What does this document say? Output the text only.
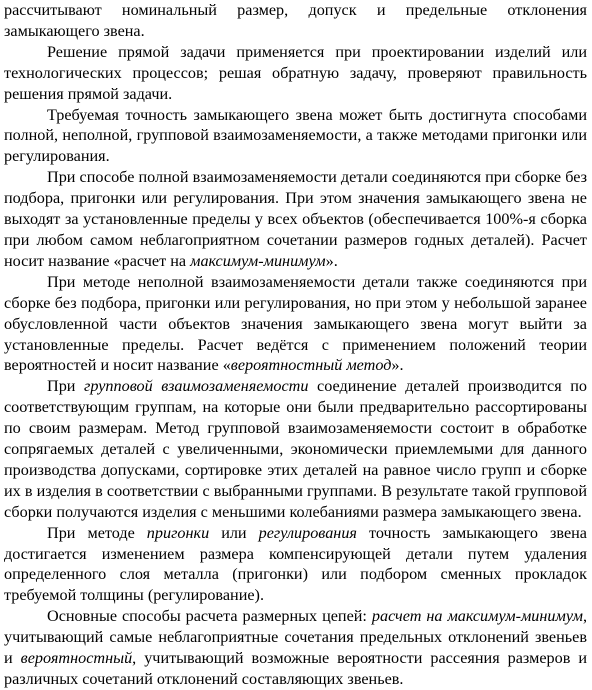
рассчитывают номинальный размер, допуск и предельные отклонения замыкающего звена.

Решение прямой задачи применяется при проектировании изделий или технологических процессов; решая обратную задачу, проверяют правильность решения прямой задачи.

Требуемая точность замыкающего звена может быть достигнута способами полной, неполной, групповой взаимозаменяемости, а также методами пригонки или регулирования.

При способе полной взаимозаменяемости детали соединяются при сборке без подбора, пригонки или регулирования. При этом значения замыкающего звена не выходят за установленные пределы у всех объектов (обеспечивается 100%-я сборка при любом самом неблагоприятном сочетании размеров годных деталей). Расчет носит название «расчет на максимум-минимум».

При методе неполной взаимозаменяемости детали также соединяются при сборке без подбора, пригонки или регулирования, но при этом у небольшой заранее обусловленной части объектов значения замыкающего звена могут выйти за установленные пределы. Расчет ведётся с применением положений теории вероятностей и носит название «вероятностный метод».

При групповой взаимозаменяемости соединение деталей производится по соответствующим группам, на которые они были предварительно рассортированы по своим размерам. Метод групповой взаимозаменяемости состоит в обработке сопрягаемых деталей с увеличенными, экономически приемлемыми для данного производства допусками, сортировке этих деталей на равное число групп и сборке их в изделия в соответствии с выбранными группами. В результате такой групповой сборки получаются изделия с меньшими колебаниями размера замыкающего звена.

При методе пригонки или регулирования точность замыкающего звена достигается изменением размера компенсирующей детали путем удаления определенного слоя металла (пригонки) или подбором сменных прокладок требуемой толщины (регулирование).

Основные способы расчета размерных цепей: расчет на максимум-минимум, учитывающий самые неблагоприятные сочетания предельных отклонений звеньев и вероятностный, учитывающий возможные вероятности рассеяния размеров и различных сочетаний отклонений составляющих звеньев.
